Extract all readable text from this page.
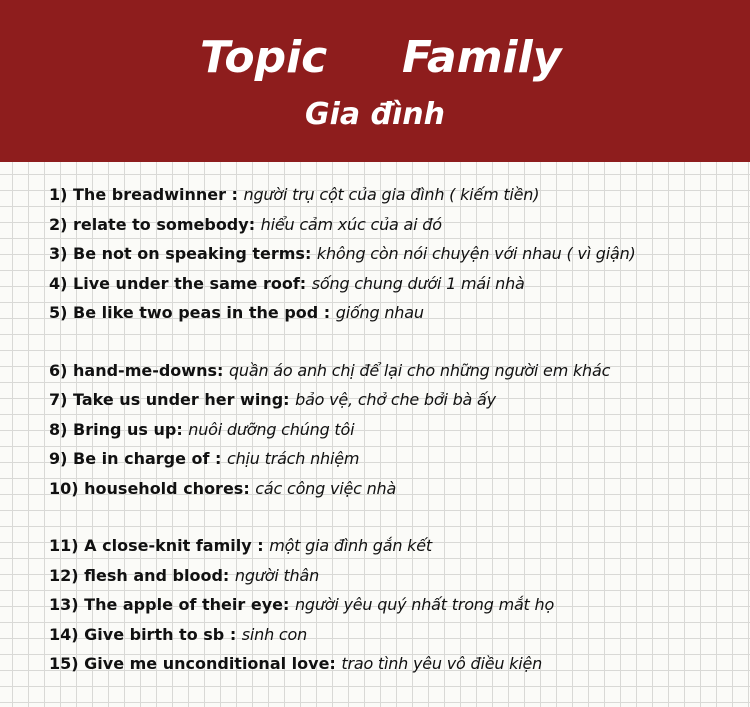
Topic Family
Gia đình
1) The breadwinner : người trụ cột của gia đình ( kiếm tiền)
2) relate to somebody: hiểu cảm xúc của ai đó
3) Be not on speaking terms: không còn nói chuyện với nhau ( vì giận)
4) Live under the same roof: sống chung dưới 1 mái nhà
5) Be like two peas in the pod : giống nhau
6) hand-me-downs: quần áo anh chị để lại cho những người em khác
7) Take us under her wing: bảo vệ, chở che bởi bà ấy
8) Bring us up: nuôi dưỡng chúng tôi
9) Be in charge of : chịu trách nhiệm
10) household chores: các công việc nhà
11) A close-knit family : một gia đình gắn kết
12) flesh and blood: người thân
13) The apple of their eye: người yêu quý nhất trong mắt họ
14) Give birth to sb : sinh con
15) Give me unconditional love: trao tình yêu vô điều kiện
